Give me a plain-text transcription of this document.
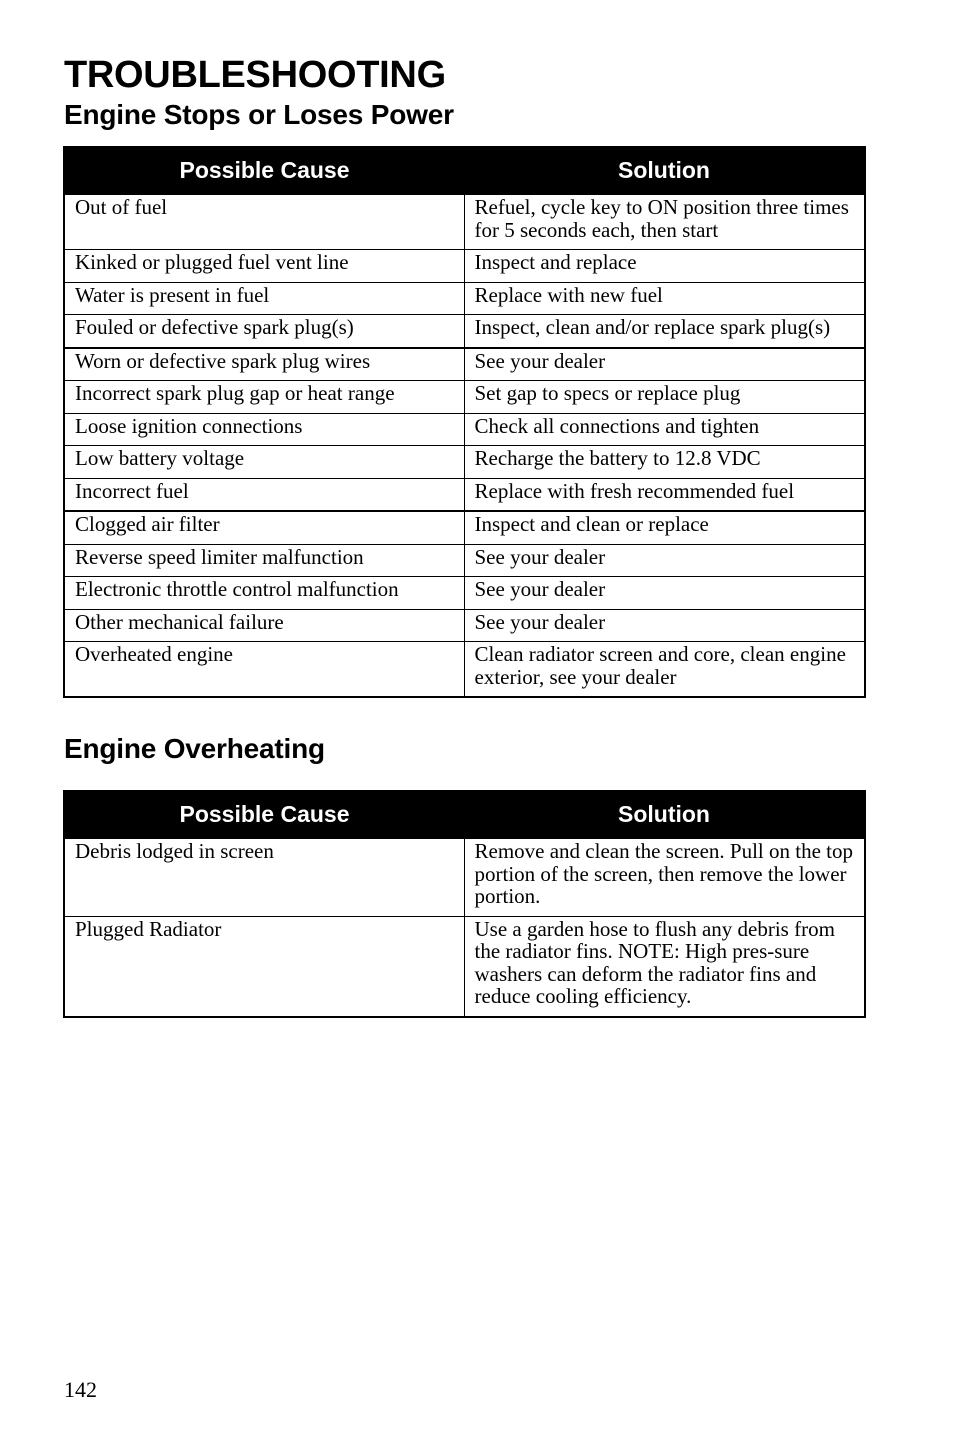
TROUBLESHOOTING
Engine Stops or Loses Power
Possible Cause	Solution
Out of fuel	Refuel, cycle key to ON position three times for 5 seconds each, then start
Kinked or plugged fuel vent line	Inspect and replace
Water is present in fuel	Replace with new fuel
Fouled or defective spark plug(s)	Inspect, clean and/or replace spark plug(s)
Worn or defective spark plug wires	See your dealer
Incorrect spark plug gap or heat range	Set gap to specs or replace plug
Loose ignition connections	Check all connections and tighten
Low battery voltage	Recharge the battery to 12.8 VDC
Incorrect fuel	Replace with fresh recommended fuel
Clogged air filter	Inspect and clean or replace
Reverse speed limiter malfunction	See your dealer
Electronic throttle control malfunction	See your dealer
Other mechanical failure	See your dealer
Overheated engine	Clean radiator screen and core, clean engine exterior, see your dealer
Engine Overheating
Possible Cause	Solution
Debris lodged in screen	Remove and clean the screen. Pull on the top portion of the screen, then remove the lower portion.
Plugged Radiator	Use a garden hose to flush any debris from the radiator fins. NOTE: High pres-sure washers can deform the radiator fins and reduce cooling efficiency.
142
